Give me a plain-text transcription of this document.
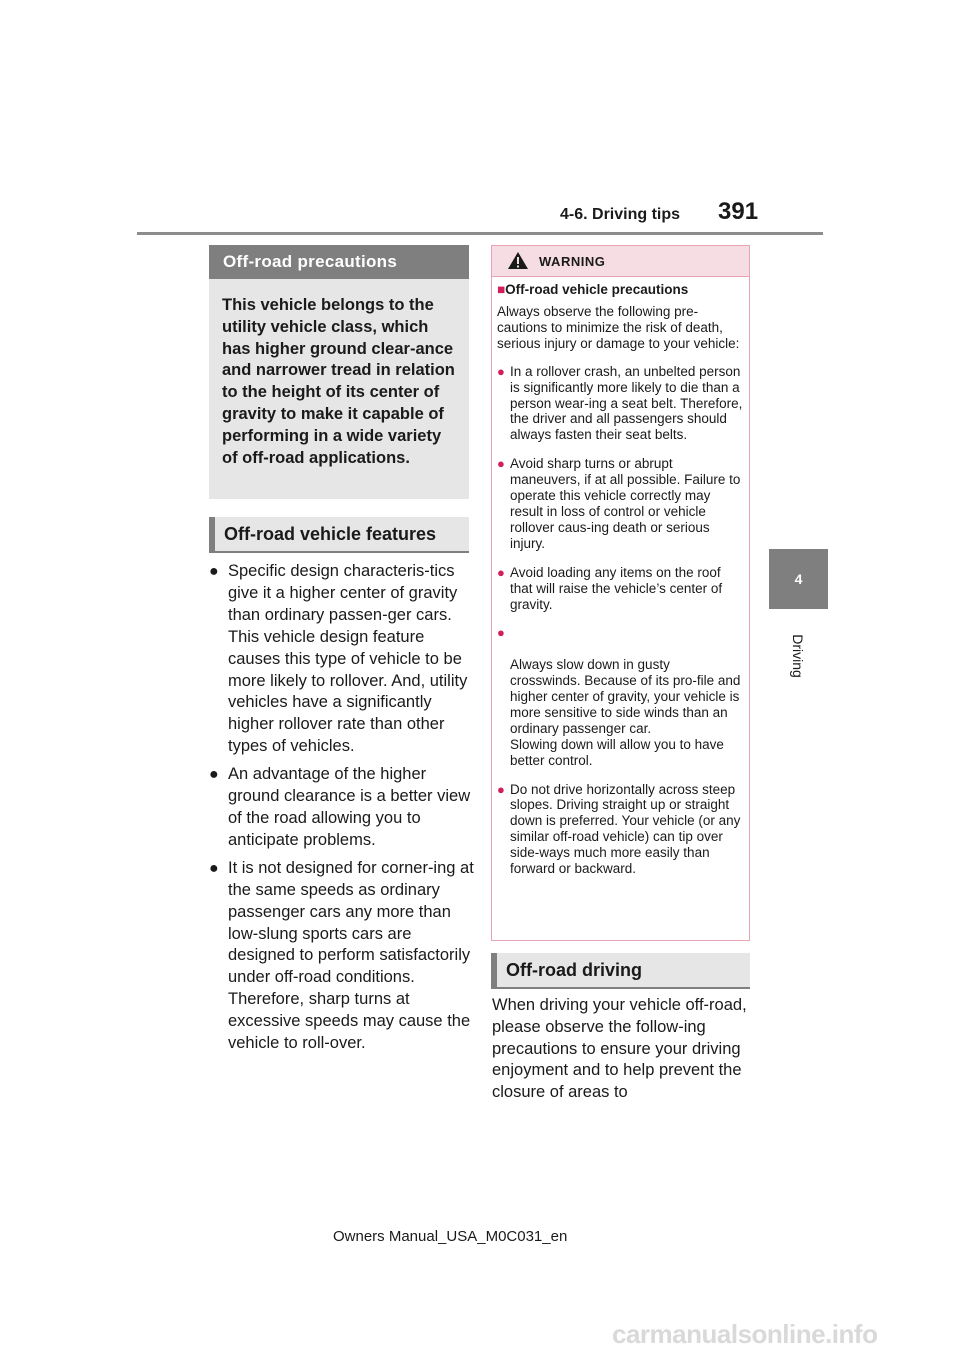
4-6. Driving tips 391
4
Driving
Off-road precautions
This vehicle belongs to the utility vehicle class, which has higher ground clear-ance and narrower tread in relation to the height of its center of gravity to make it capable of performing in a wide variety of off-road applications.
Off-road vehicle features
● Specific design characteris-tics give it a higher center of gravity than ordinary passen-ger cars. This vehicle design feature causes this type of vehicle to be more likely to rollover. And, utility vehicles have a significantly higher rollover rate than other types of vehicles.
● An advantage of the higher ground clearance is a better view of the road allowing you to anticipate problems.
● It is not designed for corner-ing at the same speeds as ordinary passenger cars any more than low-slung sports cars are designed to perform satisfactorily under off-road conditions. Therefore, sharp turns at excessive speeds may cause the vehicle to roll-over.
WARNING

■Off-road vehicle precautions

Always observe the following pre-cautions to minimize the risk of death, serious injury or damage to your vehicle:

● In a rollover crash, an unbelted person is significantly more likely to die than a person wear-ing a seat belt. Therefore, the driver and all passengers should always fasten their seat belts.
● Avoid sharp turns or abrupt maneuvers, if at all possible. Failure to operate this vehicle correctly may result in loss of control or vehicle rollover caus-ing death or serious injury.
● Avoid loading any items on the roof that will raise the vehicle’s center of gravity.

●

Always slow down in gusty crosswinds. Because of its pro-file and higher center of gravity, your vehicle is more sensitive to side winds than an ordinary passenger car.
Slowing down will allow you to have better control.

● Do not drive horizontally across steep slopes. Driving straight up or straight down is preferred. Your vehicle (or any similar off-road vehicle) can tip over side-ways much more easily than forward or backward.
Off-road driving

When driving your vehicle off-road, please observe the follow-ing precautions to ensure your driving enjoyment and to help prevent the closure of areas to

Owners Manual_USA_M0C031_en
carmanualsonline.info
